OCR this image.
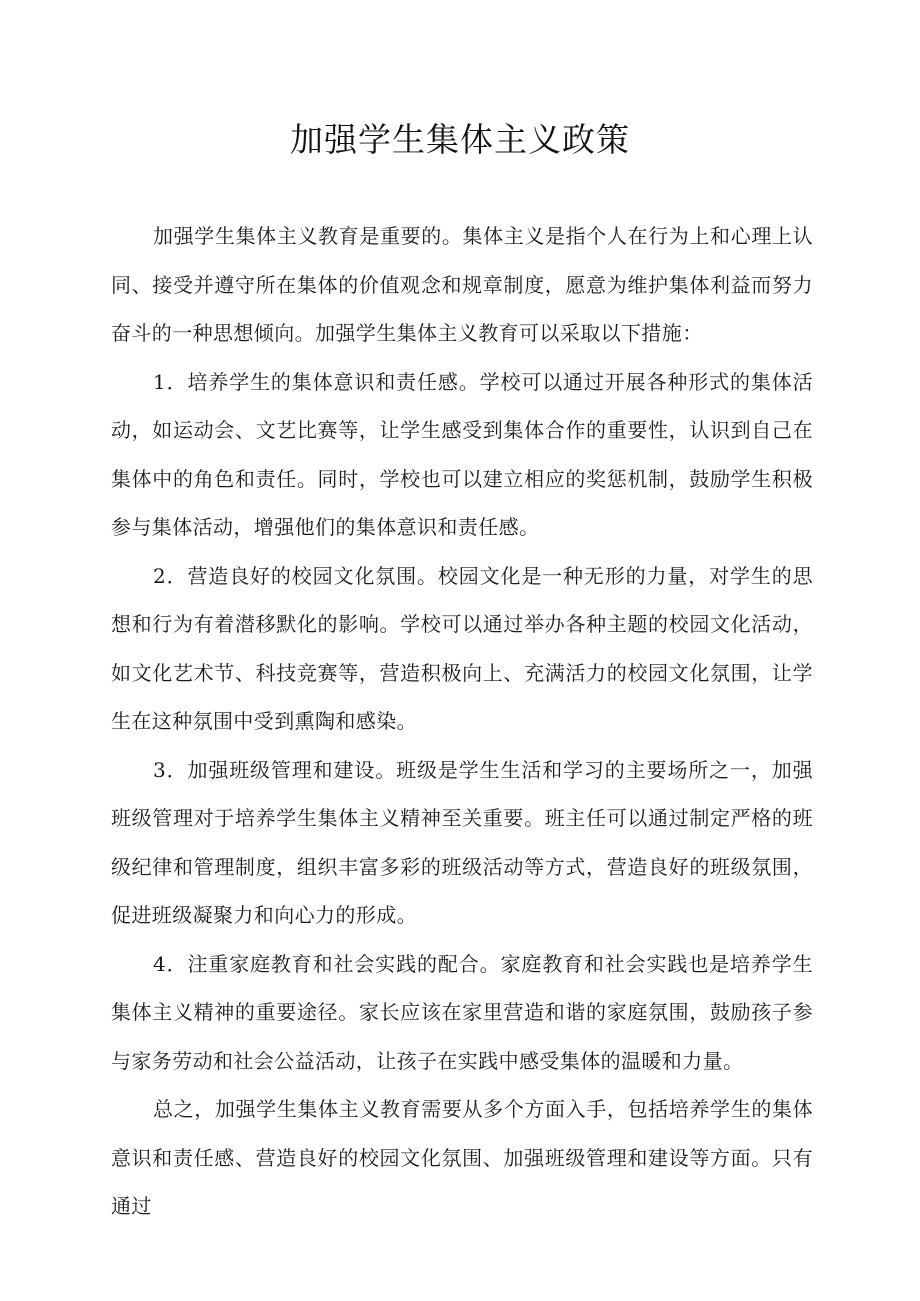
加强学生集体主义政策

加强学生集体主义教育是重要的。集体主义是指个人在行为上和心理上认同、接受并遵守所在集体的价值观念和规章制度，愿意为维护集体利益而努力奋斗的一种思想倾向。加强学生集体主义教育可以采取以下措施：

1．培养学生的集体意识和责任感。学校可以通过开展各种形式的集体活动，如运动会、文艺比赛等，让学生感受到集体合作的重要性，认识到自己在集体中的角色和责任。同时，学校也可以建立相应的奖惩机制，鼓励学生积极参与集体活动，增强他们的集体意识和责任感。

2．营造良好的校园文化氛围。校园文化是一种无形的力量，对学生的思想和行为有着潜移默化的影响。学校可以通过举办各种主题的校园文化活动，如文化艺术节、科技竞赛等，营造积极向上、充满活力的校园文化氛围，让学生在这种氛围中受到熏陶和感染。

3．加强班级管理和建设。班级是学生生活和学习的主要场所之一，加强班级管理对于培养学生集体主义精神至关重要。班主任可以通过制定严格的班级纪律和管理制度，组织丰富多彩的班级活动等方式，营造良好的班级氛围，促进班级凝聚力和向心力的形成。

4．注重家庭教育和社会实践的配合。家庭教育和社会实践也是培养学生集体主义精神的重要途径。家长应该在家里营造和谐的家庭氛围，鼓励孩子参与家务劳动和社会公益活动，让孩子在实践中感受集体的温暖和力量。

总之，加强学生集体主义教育需要从多个方面入手，包括培养学生的集体意识和责任感、营造良好的校园文化氛围、加强班级管理和建设等方面。只有通过
